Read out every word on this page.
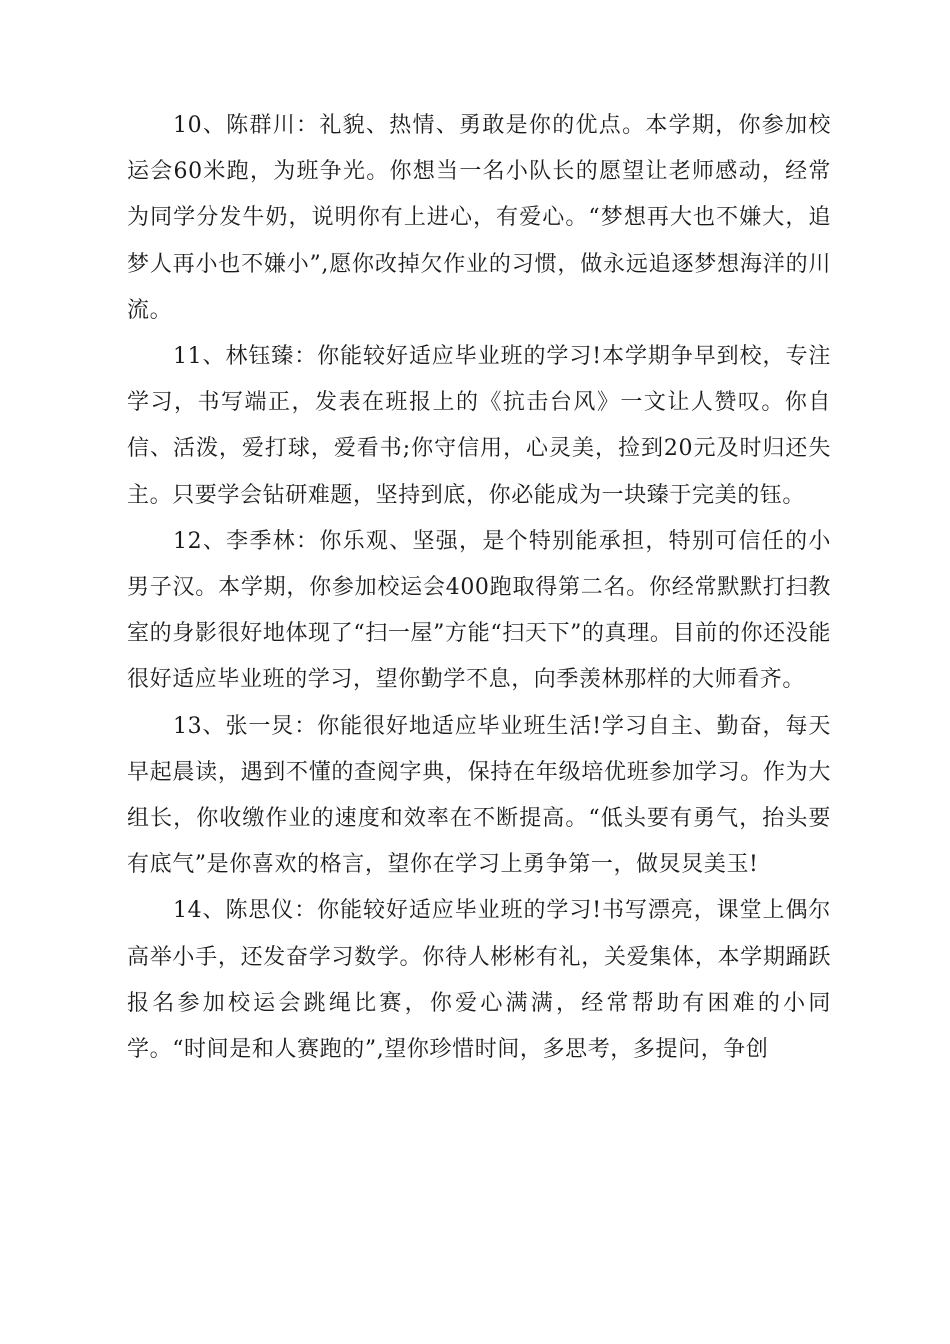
10、陈群川：礼貌、热情、勇敢是你的优点。本学期，你参加校运会60米跑，为班争光。你想当一名小队长的愿望让老师感动，经常为同学分发牛奶，说明你有上进心，有爱心。“梦想再大也不嫌大，追梦人再小也不嫌小”,愿你改掉欠作业的习惯，做永远追逐梦想海洋的川流。

11、林钰臻：你能较好适应毕业班的学习!本学期争早到校，专注学习，书写端正，发表在班报上的《抗击台风》一文让人赞叹。你自信、活泼，爱打球，爱看书;你守信用，心灵美，捡到20元及时归还失主。只要学会钻研难题，坚持到底，你必能成为一块臻于完美的钰。

12、李季林：你乐观、坚强，是个特别能承担，特别可信任的小男子汉。本学期，你参加校运会400跑取得第二名。你经常默默打扫教室的身影很好地体现了“扫一屋”方能“扫天下”的真理。目前的你还没能很好适应毕业班的学习，望你勤学不息，向季羡林那样的大师看齐。

13、张一炅：你能很好地适应毕业班生活!学习自主、勤奋，每天早起晨读，遇到不懂的查阅字典，保持在年级培优班参加学习。作为大组长，你收缴作业的速度和效率在不断提高。“低头要有勇气，抬头要有底气”是你喜欢的格言，望你在学习上勇争第一，做炅炅美玉!

14、陈思仪：你能较好适应毕业班的学习!书写漂亮，课堂上偶尔高举小手，还发奋学习数学。你待人彬彬有礼，关爱集体，本学期踊跃报名参加校运会跳绳比赛，你爱心满满，经常帮助有困难的小同学。“时间是和人赛跑的”,望你珍惜时间，多思考，多提问，争创
